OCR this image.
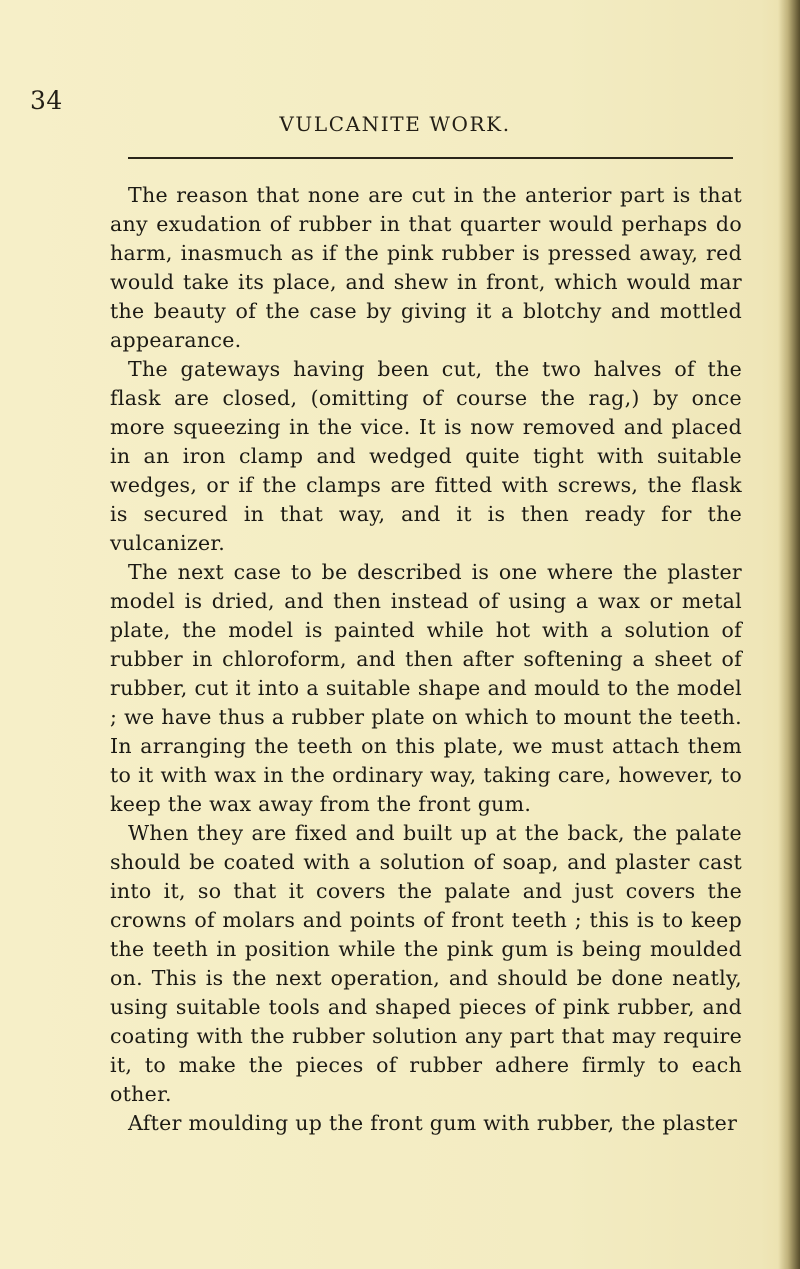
34
VULCANITE WORK.

The reason that none are cut in the anterior part is that any exudation of rubber in that quarter would perhaps do harm, inasmuch as if the pink rubber is pressed away, red would take its place, and shew in front, which would mar the beauty of the case by giving it a blotchy and mottled appearance.

The gateways having been cut, the two halves of the flask are closed, (omitting of course the rag,) by once more squeezing in the vice. It is now removed and placed in an iron clamp and wedged quite tight with suitable wedges, or if the clamps are fitted with screws, the flask is secured in that way, and it is then ready for the vulcanizer.

The next case to be described is one where the plaster model is dried, and then instead of using a wax or metal plate, the model is painted while hot with a solution of rubber in chloroform, and then after softening a sheet of rubber, cut it into a suitable shape and mould to the model ; we have thus a rubber plate on which to mount the teeth. In arranging the teeth on this plate, we must attach them to it with wax in the ordinary way, taking care, however, to keep the wax away from the front gum.

When they are fixed and built up at the back, the palate should be coated with a solution of soap, and plaster cast into it, so that it covers the palate and just covers the crowns of molars and points of front teeth ; this is to keep the teeth in position while the pink gum is being moulded on. This is the next operation, and should be done neatly, using suitable tools and shaped pieces of pink rubber, and coating with the rubber solution any part that may require it, to make the pieces of rubber adhere firmly to each other.

After moulding up the front gum with rubber, the plaster
